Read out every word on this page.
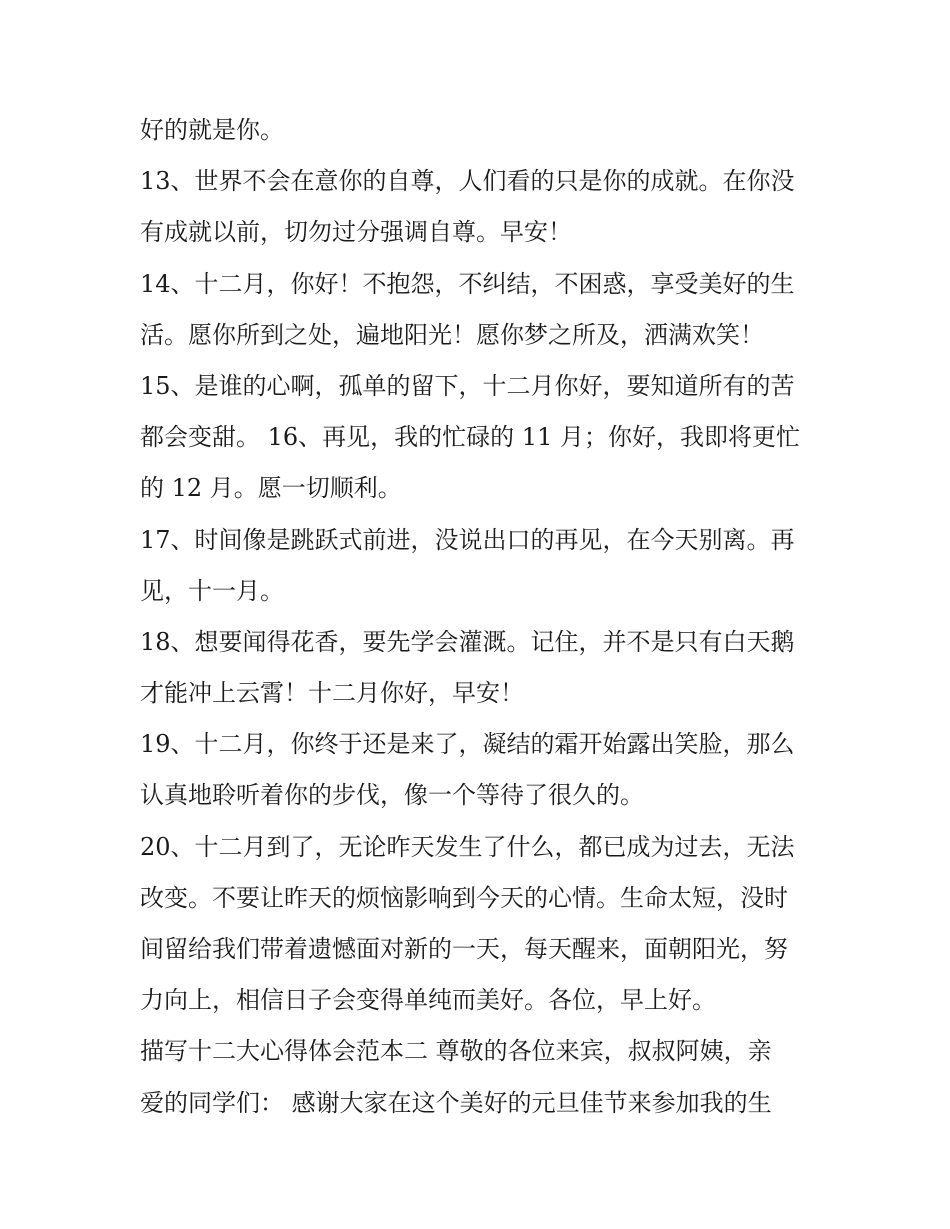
好的就是你。
13、世界不会在意你的自尊，人们看的只是你的成就。在你没
有成就以前，切勿过分强调自尊。早安！
14、十二月，你好！不抱怨，不纠结，不困惑，享受美好的生
活。愿你所到之处，遍地阳光！愿你梦之所及，洒满欢笑！
15、是谁的心啊，孤单的留下，十二月你好，要知道所有的苦
都会变甜。 16、再见，我的忙碌的 11 月；你好，我即将更忙
的 12 月。愿一切顺利。
17、时间像是跳跃式前进，没说出口的再见，在今天别离。再
见，十一月。
18、想要闻得花香，要先学会灌溉。记住，并不是只有白天鹅
才能冲上云霄！十二月你好，早安！
19、十二月，你终于还是来了，凝结的霜开始露出笑脸，那么
认真地聆听着你的步伐，像一个等待了很久的。
20、十二月到了，无论昨天发生了什么，都已成为过去，无法
改变。不要让昨天的烦恼影响到今天的心情。生命太短，没时
间留给我们带着遗憾面对新的一天，每天醒来，面朝阳光，努
力向上，相信日子会变得单纯而美好。各位，早上好。
描写十二大心得体会范本二 尊敬的各位来宾，叔叔阿姨，亲
爱的同学们： 感谢大家在这个美好的元旦佳节来参加我的生
